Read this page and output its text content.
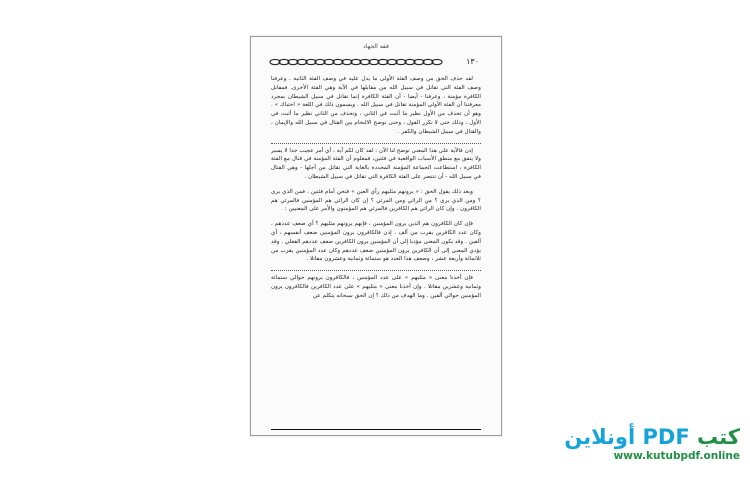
فقه الجهاد
١٣٠

لقد حذف الحق من وصف الفئة الأولى ما يدل عليه في وصف الفئة الثانية . وعرفنا وصف الفئة التي تقاتل في سبيل الله من مقابلها في الآية وهي الفئة الأخرى. فمقابل الكافرة مؤمنة ، وعرفنا - أيضا - أن الفئة الكافرة إنما تقاتل في سبيل الشيطان بمجرد معرفتنا أن الفئة الأولى المؤمنة تقاتل في سبيل الله . ويسمون ذلك في اللغة « احتباك » . وهو أن تحذف من الأول نظير ما أثبت في الثاني ، وتحذف من الثاني نظير ما أثبت في الأول ، وذلك حتى لا تكرر القول ، وحتى توضح الالتحام بين القتال في سبيل الله والإيمان ، والقتال في سبيل الشيطان والكفر .

إذن فالآية على هذا المعنى توضح لنا الآن : لقد كان لكم آية ، أي أمر عجيب جدا لا يسير ولا يتفق مع منطق الأسباب الواقعية في فئتين، فمعلوم أن الفئة المؤمنة في قتال مع الفئة الكافرة ، استطاعت الجماعة المؤمنة المحددة بالغاية التي تقاتل من أجلها - وهي القتال في سبيل الله - أن تنتصر على الفئة الكافرة التي تقاتل في سبيل الشيطان .

وبعد ذلك يقول الحق : « يرونهم مثليهم رأي العين » فنحن أمام فئتين ، فمن الذي يرى ؟ ومن الذي يرى ؟ من الرائي ومن المرئي ؟ إن كان الرائي هم المؤمنين فالمرئي هم الكافرون . وإن كان الرائي هم الكافرين فالمرئي هم المؤمنون والأمر على المعنيين :

فإن كان الكافرون هم الذين يرون المؤمنين ، فإنهم يرونهم مثليهم ؟ أي ضعف عددهم ، وكان عدد الكافرين يقرب من ألف . إذن فالكافرون يرون المؤمنين ضعف أنفسهم ، أي ألفين . وقد يكون المعنى مؤديا إلى أن المؤمنين يرون الكافرين ضعف عددهم الفعلي . وقد يؤدي المعنى إلى أن الكافرين يرون المؤمنين ضعف عددهم وكان عدد المؤمنين يقرب من ثلاثمائة وأربعة عشر ، وضعف هذا العدد هو ستمائة وثمانية وعشرون مقاتلا .

فإن أخذنا معنى « مثليهم » على عدد المؤمنين ، فالكافرون يرونهم حوالي ستمائة وثمانية وعشرين مقاتلا . وإن أخذنا معنى « مثليهم » على عدد الكافرين فالكافرون يرون المؤمنين حوالي ألفين . وما الهدف من ذلك ؟ إن الحق سبحانه يتكلم عن

كتب PDF أونلاين
www.kutubpdf.online
